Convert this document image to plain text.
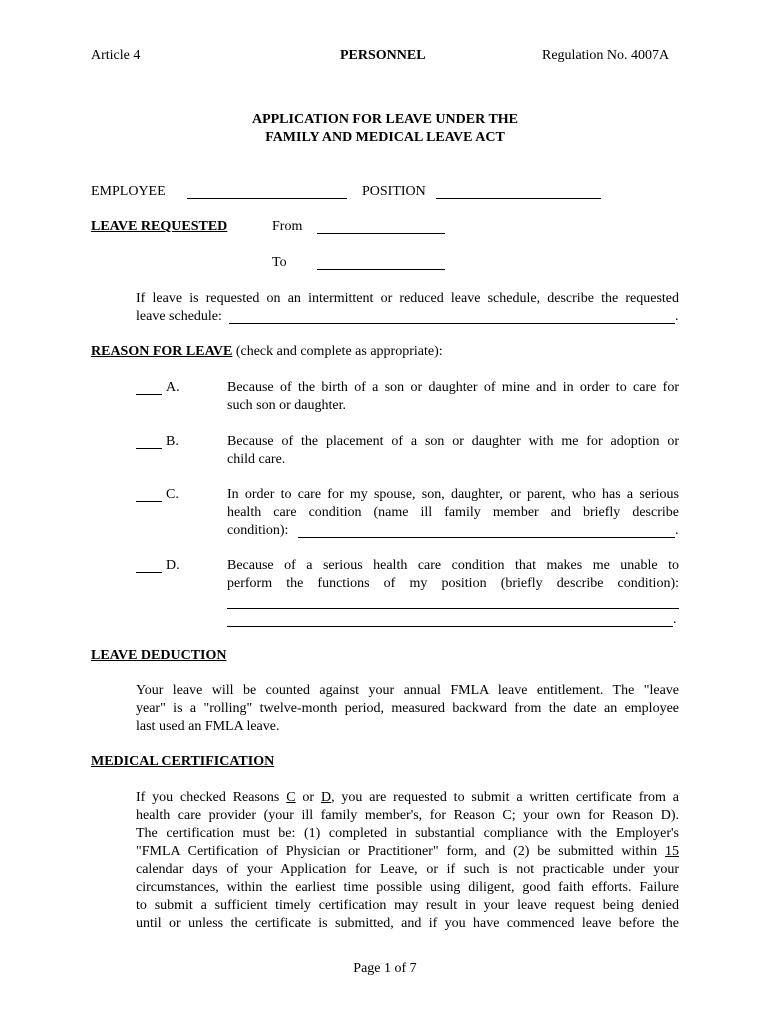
Article 4	PERSONNEL	Regulation No. 4007A
APPLICATION FOR LEAVE UNDER THE
FAMILY AND MEDICAL LEAVE ACT
EMPLOYEE	POSITION
LEAVE REQUESTED	From
To
If leave is requested on an intermittent or reduced leave schedule, describe the requested
leave schedule:	.
REASON FOR LEAVE (check and complete as appropriate):
A.	Because of the birth of a son or daughter of mine and in order to care for
such son or daughter.
B.	Because of the placement of a son or daughter with me for adoption or
child care.
C.	In order to care for my spouse, son, daughter, or parent, who has a serious
health care condition (name ill family member and briefly describe
condition):	.
D.	Because of a serious health care condition that makes me unable to
perform the functions of my position (briefly describe condition):
.
LEAVE DEDUCTION
Your leave will be counted against your annual FMLA leave entitlement. The "leave
year" is a "rolling" twelve-month period, measured backward from the date an employee
last used an FMLA leave.
MEDICAL CERTIFICATION
If you checked Reasons C or D, you are requested to submit a written certificate from a
health care provider (your ill family member's, for Reason C; your own for Reason D).
The certification must be: (1) completed in substantial compliance with the Employer's
"FMLA Certification of Physician or Practitioner" form, and (2) be submitted within 15
calendar days of your Application for Leave, or if such is not practicable under your
circumstances, within the earliest time possible using diligent, good faith efforts. Failure
to submit a sufficient timely certification may result in your leave request being denied
until or unless the certificate is submitted, and if you have commenced leave before the
Page 1 of 7
